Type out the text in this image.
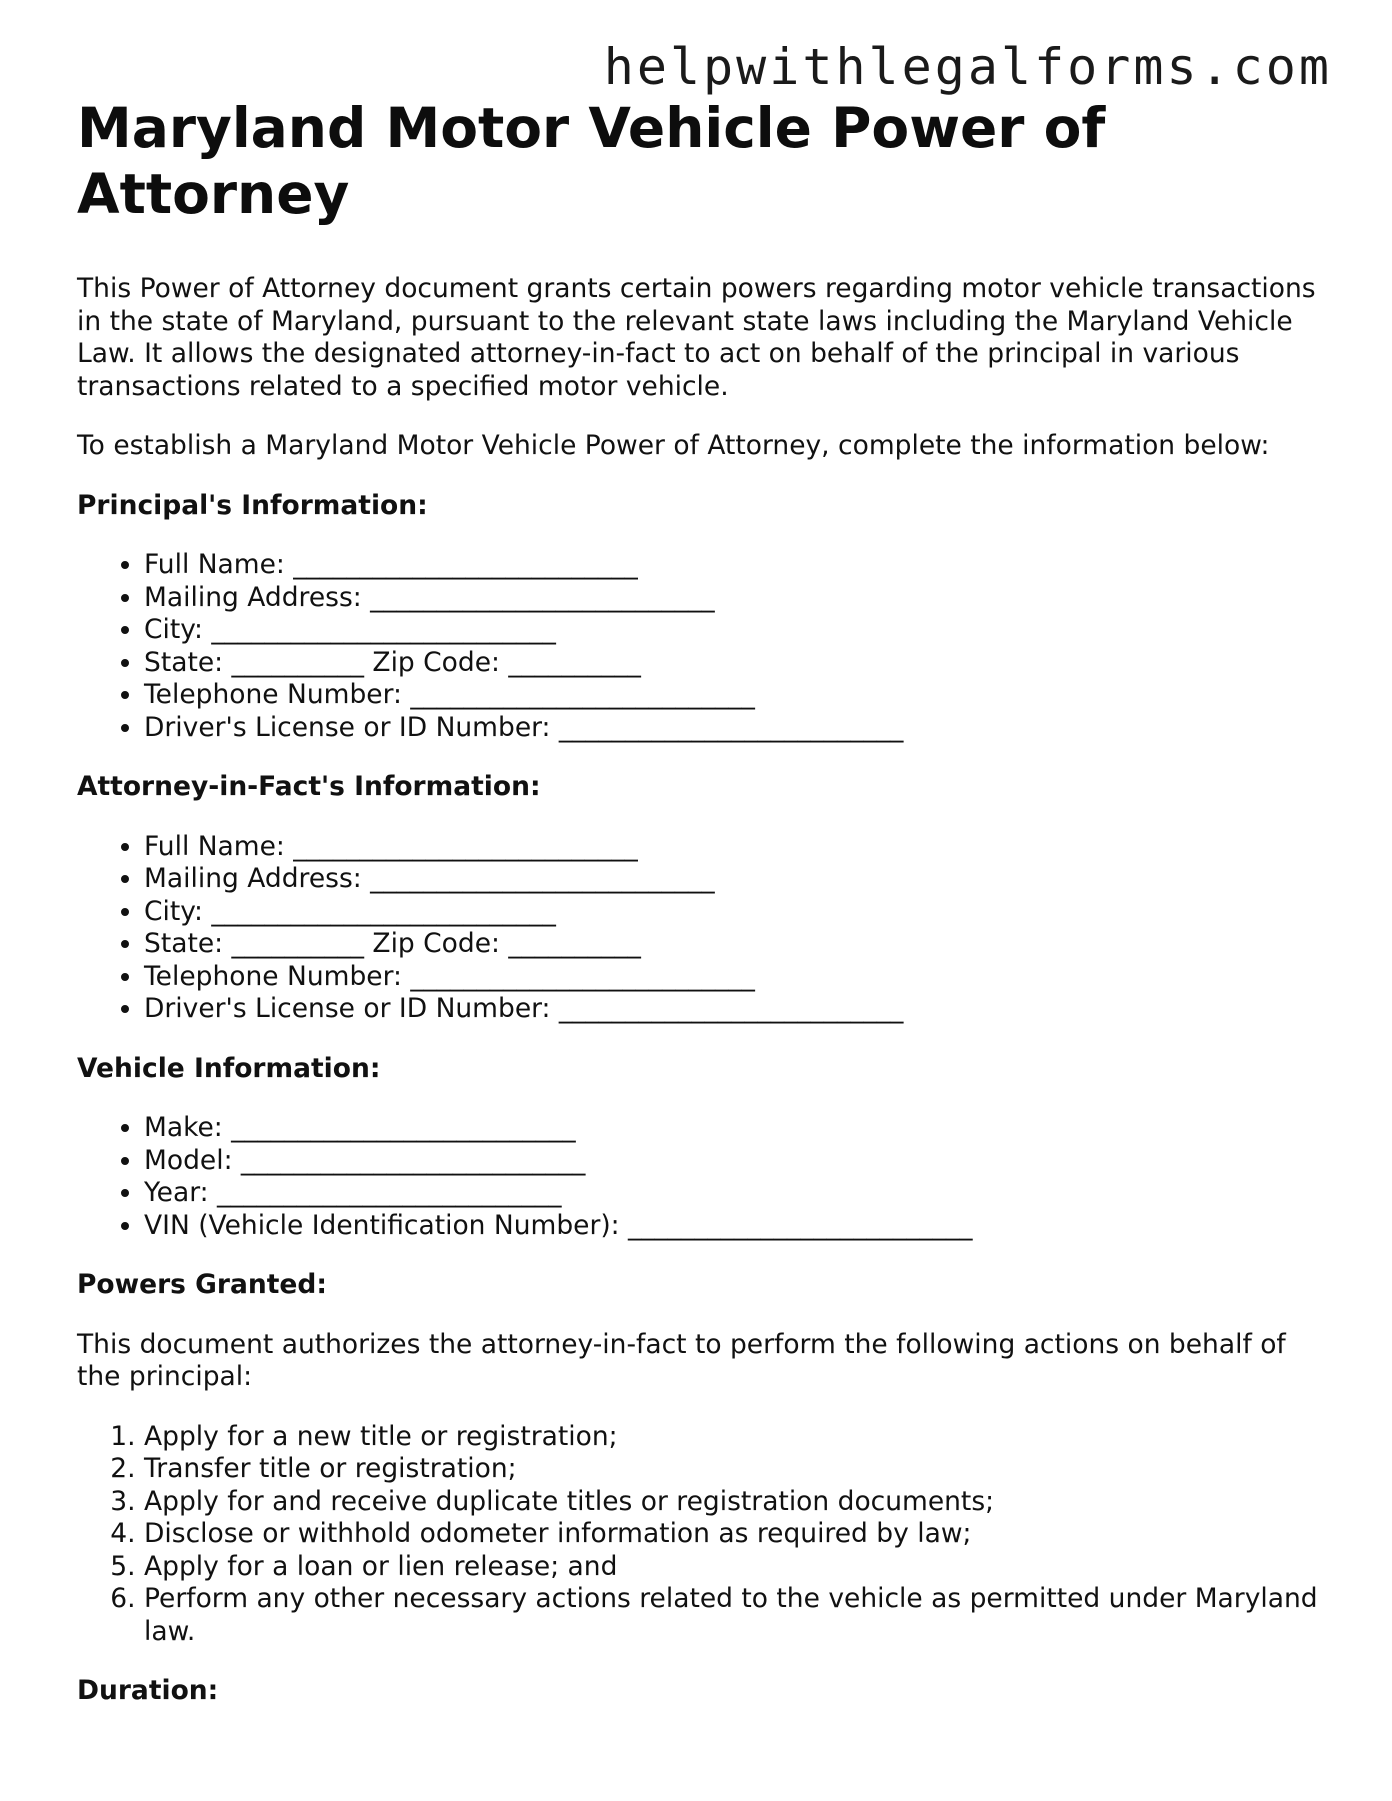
helpwithlegalforms.com
Maryland Motor Vehicle Power of Attorney

This Power of Attorney document grants certain powers regarding motor vehicle transactions in the state of Maryland, pursuant to the relevant state laws including the Maryland Vehicle Law. It allows the designated attorney-in-fact to act on behalf of the principal in various transactions related to a specified motor vehicle.

To establish a Maryland Motor Vehicle Power of Attorney, complete the information below:

Principal's Information:
• Full Name: __________________________
• Mailing Address: __________________________
• City: __________________________
• State: __________ Zip Code: __________
• Telephone Number: __________________________
• Driver's License or ID Number: __________________________
Attorney-in-Fact's Information:
• Full Name: __________________________
• Mailing Address: __________________________
• City: __________________________
• State: __________ Zip Code: __________
• Telephone Number: __________________________
• Driver's License or ID Number: __________________________
Vehicle Information:
• Make: __________________________
• Model: __________________________
• Year: __________________________
• VIN (Vehicle Identification Number): __________________________
Powers Granted:

This document authorizes the attorney-in-fact to perform the following actions on behalf of the principal:

1. Apply for a new title or registration;
2. Transfer title or registration;
3. Apply for and receive duplicate titles or registration documents;
4. Disclose or withhold odometer information as required by law;
5. Apply for a loan or lien release; and
6. Perform any other necessary actions related to the vehicle as permitted under Maryland law.
Duration:
